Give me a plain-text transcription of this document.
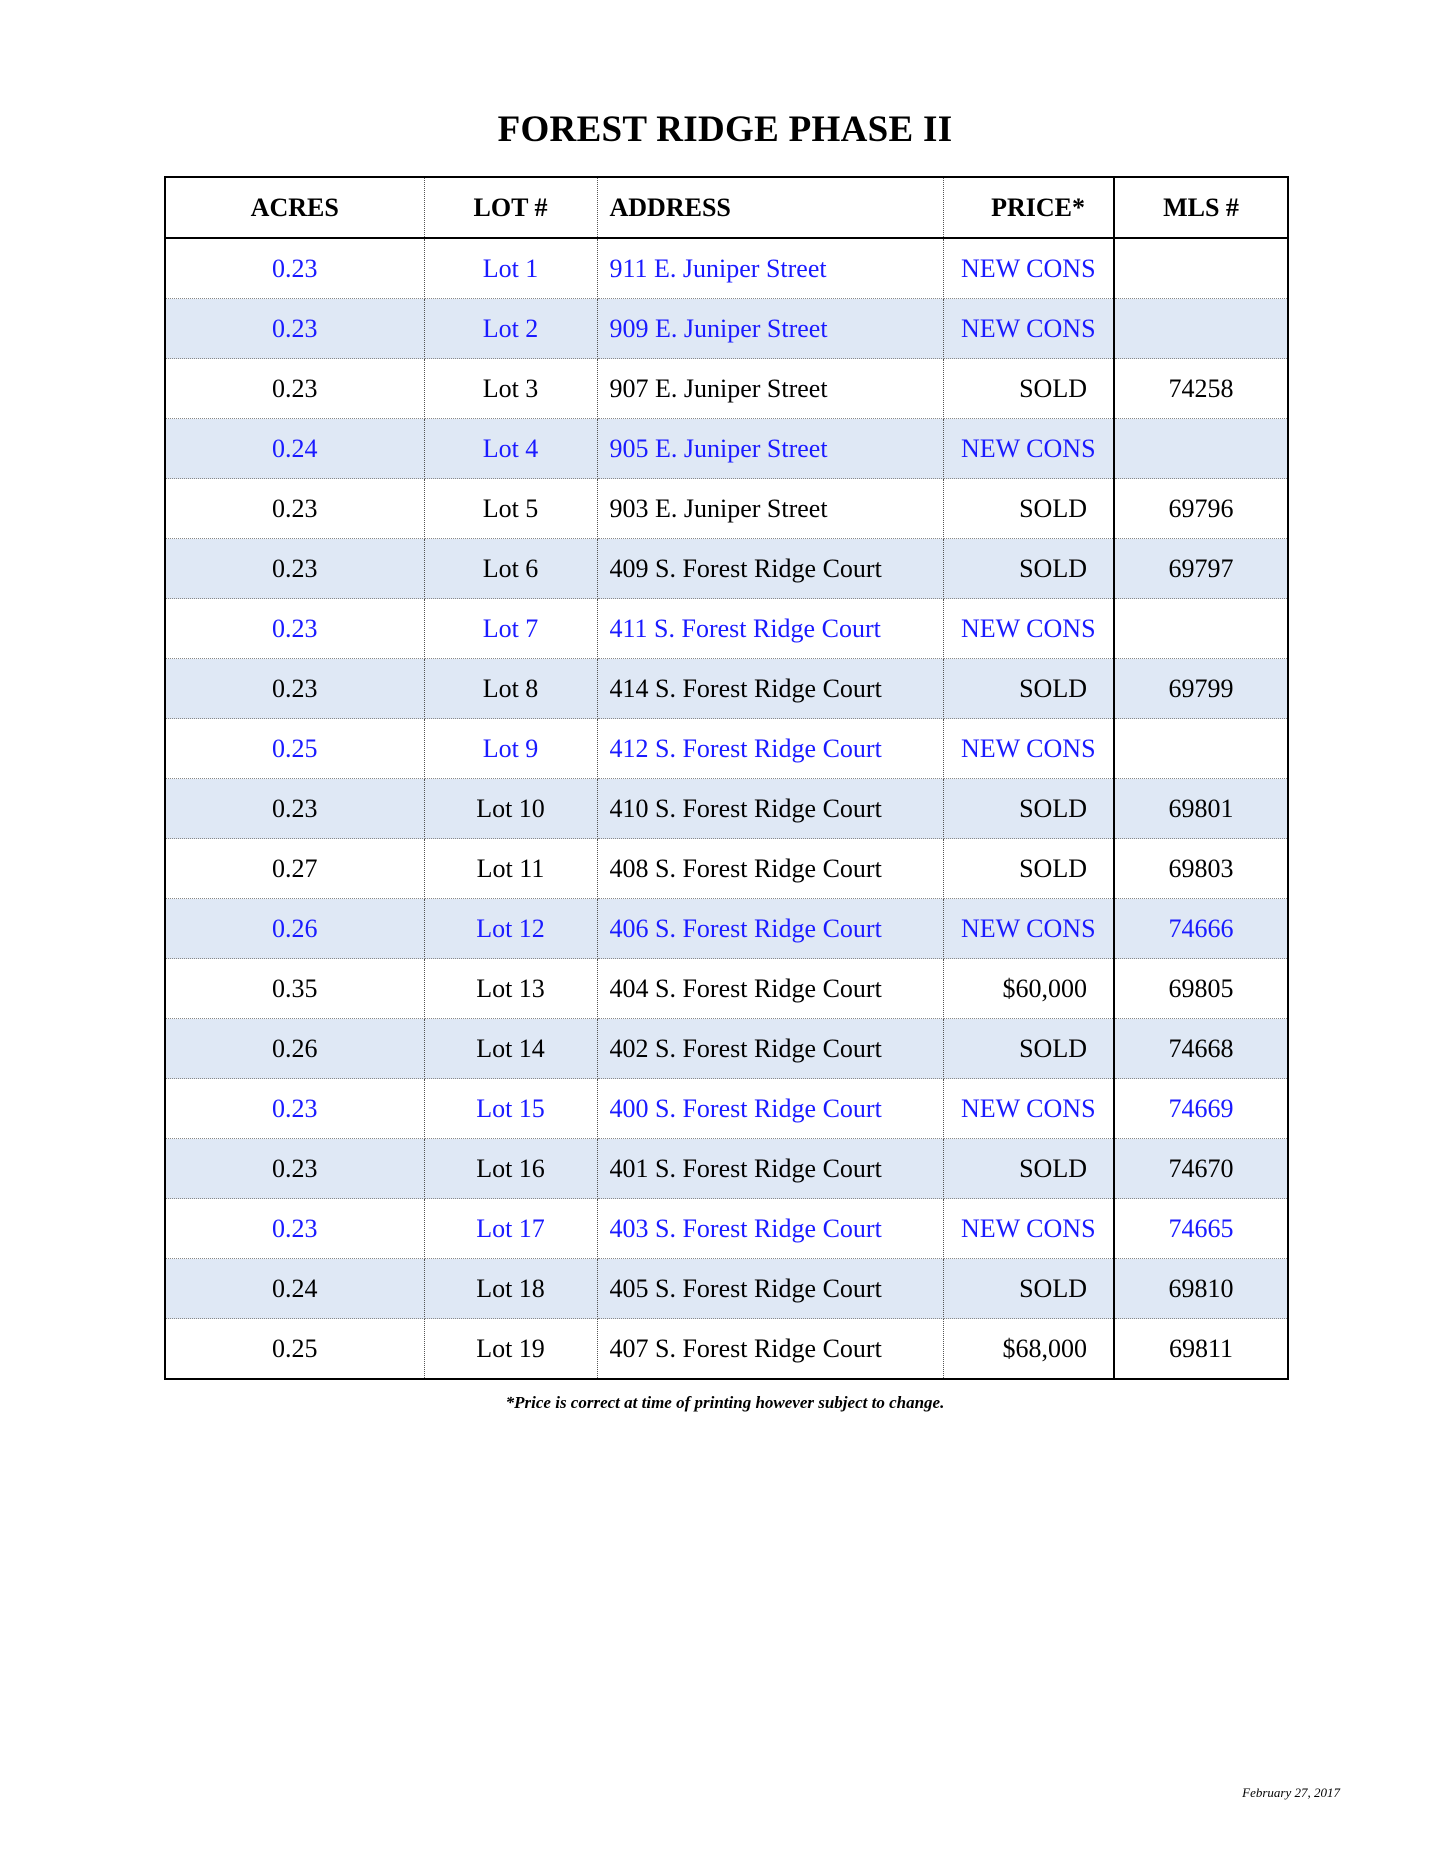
FOREST RIDGE PHASE II
ACRES	LOT #	ADDRESS	PRICE*	MLS #
0.23	Lot 1	911 E. Juniper Street	NEW CONS	
0.23	Lot 2	909 E. Juniper Street	NEW CONS	
0.23	Lot 3	907 E. Juniper Street	SOLD	74258
0.24	Lot 4	905 E. Juniper Street	NEW CONS	
0.23	Lot 5	903 E. Juniper Street	SOLD	69796
0.23	Lot 6	409 S. Forest Ridge Court	SOLD	69797
0.23	Lot 7	411 S. Forest Ridge Court	NEW CONS	
0.23	Lot 8	414 S. Forest Ridge Court	SOLD	69799
0.25	Lot 9	412 S. Forest Ridge Court	NEW CONS	
0.23	Lot 10	410 S. Forest Ridge Court	SOLD	69801
0.27	Lot 11	408 S. Forest Ridge Court	SOLD	69803
0.26	Lot 12	406 S. Forest Ridge Court	NEW CONS	74666
0.35	Lot 13	404 S. Forest Ridge Court	$60,000	69805
0.26	Lot 14	402 S. Forest Ridge Court	SOLD	74668
0.23	Lot 15	400 S. Forest Ridge Court	NEW CONS	74669
0.23	Lot 16	401 S. Forest Ridge Court	SOLD	74670
0.23	Lot 17	403 S. Forest Ridge Court	NEW CONS	74665
0.24	Lot 18	405 S. Forest Ridge Court	SOLD	69810
0.25	Lot 19	407 S. Forest Ridge Court	$68,000	69811
*Price is correct at time of printing however subject to change.
February 27, 2017
